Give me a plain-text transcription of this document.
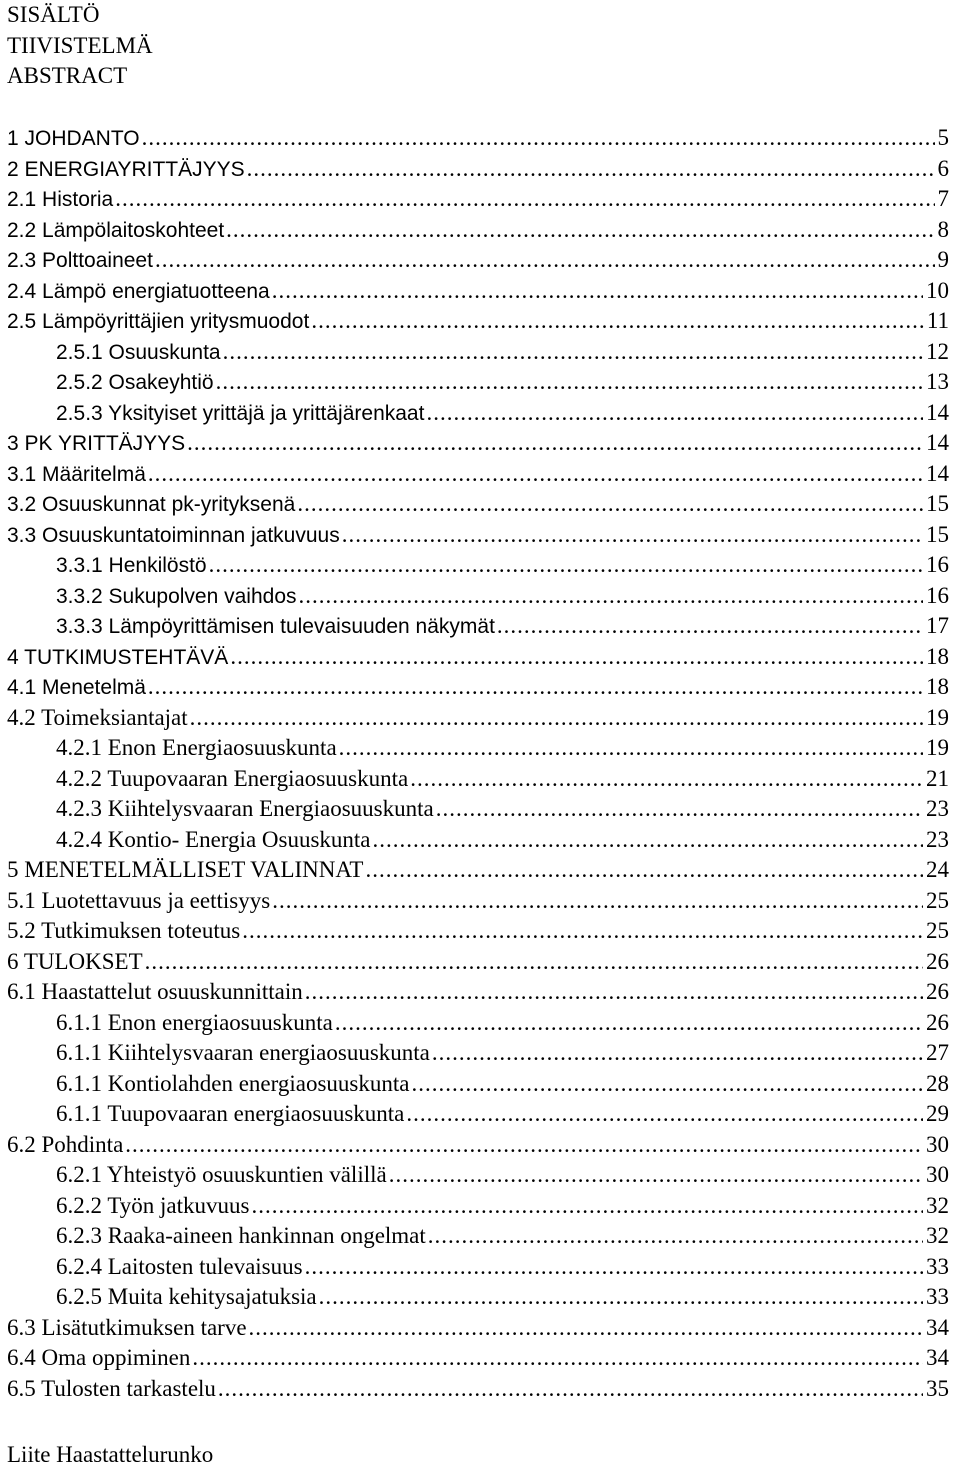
SISÄLTÖ
TIIVISTELMÄ
ABSTRACT
1 JOHDANTO .....	5
2 ENERGIAYRITTÄJYYS .....	6
2.1 Historia .....	7
2.2 Lämpölaitoskohteet .....	8
2.3 Polttoaineet .....	9
2.4 Lämpö energiatuotteena .....	10
2.5 Lämpöyrittäjien yritysmuodot .....	11
2.5.1 Osuuskunta .....	12
2.5.2 Osakeyhtiö .....	13
2.5.3 Yksityiset yrittäjä ja yrittäjärenkaat .....	14
3 PK YRITTÄJYYS .....	14
3.1 Määritelmä .....	14
3.2 Osuuskunnat pk-yrityksenä .....	15
3.3 Osuuskuntatoiminnan jatkuvuus .....	15
3.3.1 Henkilöstö .....	16
3.3.2 Sukupolven vaihdos .....	16
3.3.3 Lämpöyrittämisen tulevaisuuden näkymät .....	17
4 TUTKIMUSTEHTÄVÄ .....	18
4.1 Menetelmä .....	18
4.2 Toimeksiantajat .....	19
4.2.1 Enon Energiaosuuskunta .....	19
4.2.2 Tuupovaaran Energiaosuuskunta .....	21
4.2.3 Kiihtelysvaaran Energiaosuuskunta .....	23
4.2.4 Kontio- Energia Osuuskunta .....	23
5 MENETELMÄLLISET VALINNAT .....	24
5.1 Luotettavuus ja eettisyys .....	25
5.2 Tutkimuksen toteutus .....	25
6 TULOKSET .....	26
6.1 Haastattelut osuuskunnittain .....	26
6.1.1 Enon energiaosuuskunta .....	26
6.1.1 Kiihtelysvaaran energiaosuuskunta .....	27
6.1.1 Kontiolahden energiaosuuskunta .....	28
6.1.1 Tuupovaaran energiaosuuskunta .....	29
6.2 Pohdinta .....	30
6.2.1 Yhteistyö osuuskuntien välillä .....	30
6.2.2 Työn jatkuvuus .....	32
6.2.3 Raaka-aineen hankinnan ongelmat .....	32
6.2.4 Laitosten tulevaisuus .....	33
6.2.5 Muita kehitysajatuksia .....	33
6.3 Lisätutkimuksen tarve .....	34
6.4 Oma oppiminen .....	34
6.5 Tulosten tarkastelu .....	35
Liite Haastattelurunko
